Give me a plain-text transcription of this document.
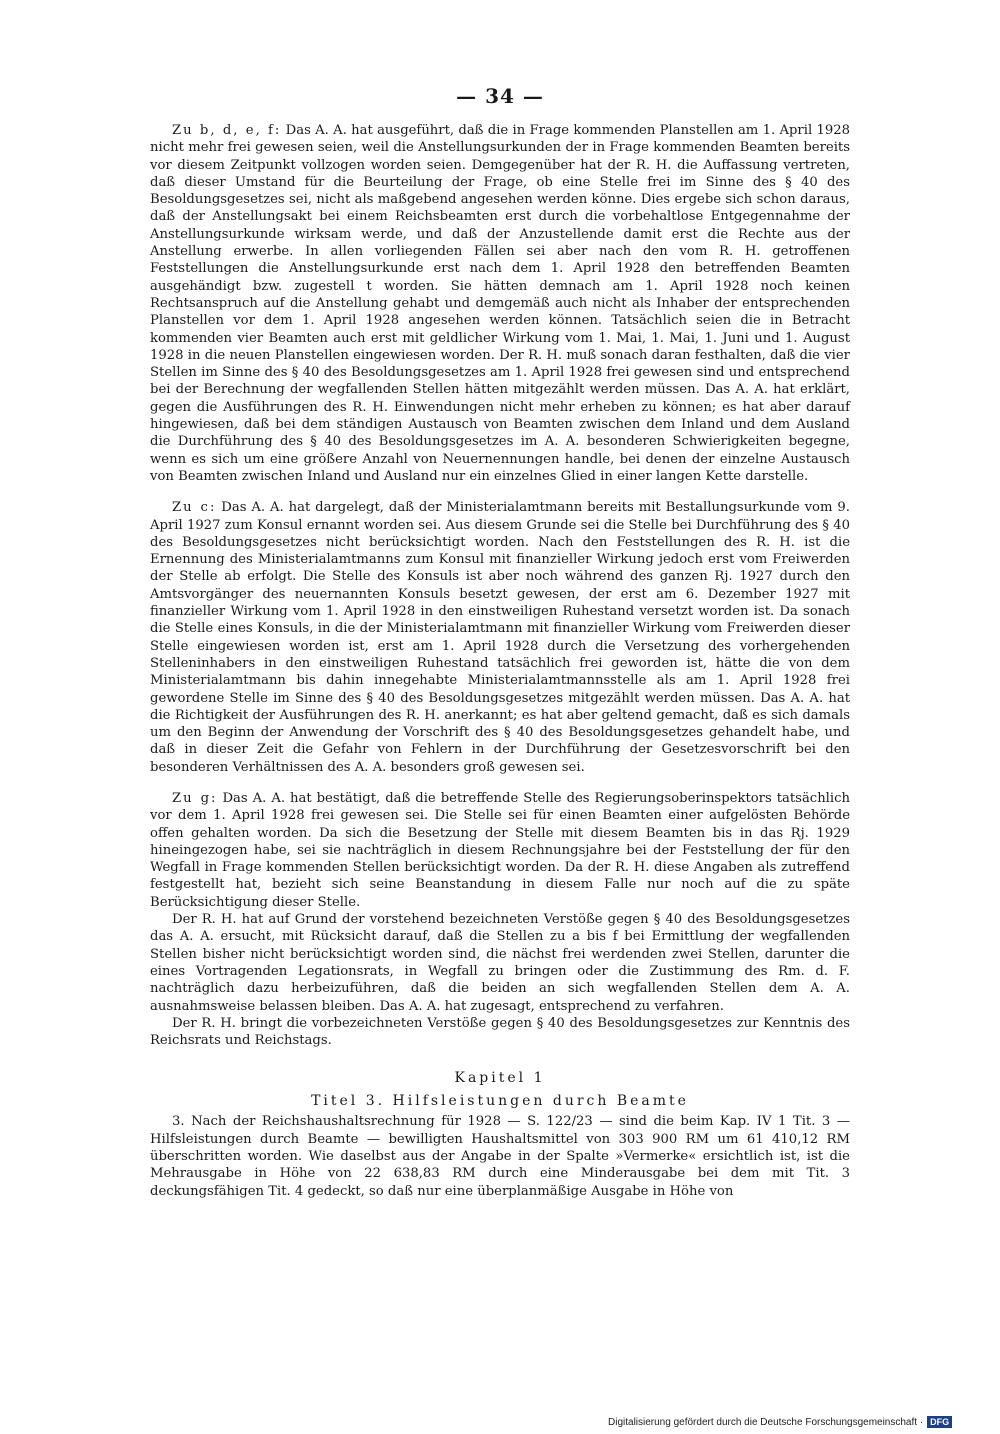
— 34 —

Zu b, d, e, f: Das A. A. hat ausgeführt, daß die in Frage kommenden Planstellen am 1. April 1928 nicht mehr frei gewesen seien, weil die Anstellungsurkunden der in Frage kommenden Beamten bereits vor diesem Zeitpunkt vollzogen worden seien. Demgegenüber hat der R. H. die Auffassung vertreten, daß dieser Umstand für die Beurteilung der Frage, ob eine Stelle frei im Sinne des § 40 des Besoldungsgesetzes sei, nicht als maßgebend angesehen werden könne. Dies ergebe sich schon daraus, daß der Anstellungsakt bei einem Reichsbeamten erst durch die vorbehaltlose Entgegennahme der Anstellungsurkunde wirksam werde, und daß der Anzustellende damit erst die Rechte aus der Anstellung erwerbe. In allen vorliegenden Fällen sei aber nach den vom R. H. getroffenen Feststellungen die Anstellungsurkunde erst nach dem 1. April 1928 den betreffenden Beamten ausgehändigt bzw. zugestell t worden. Sie hätten demnach am 1. April 1928 noch keinen Rechtsanspruch auf die Anstellung gehabt und demgemäß auch nicht als Inhaber der entsprechenden Planstellen vor dem 1. April 1928 angesehen werden können. Tatsächlich seien die in Betracht kommenden vier Beamten auch erst mit geldlicher Wirkung vom 1. Mai, 1. Mai, 1. Juni und 1. August 1928 in die neuen Planstellen eingewiesen worden. Der R. H. muß sonach daran festhalten, daß die vier Stellen im Sinne des § 40 des Besoldungsgesetzes am 1. April 1928 frei gewesen sind und entsprechend bei der Berechnung der wegfallenden Stellen hätten mitgezählt werden müssen. Das A. A. hat erklärt, gegen die Ausführungen des R. H. Einwendungen nicht mehr erheben zu können; es hat aber darauf hingewiesen, daß bei dem ständigen Austausch von Beamten zwischen dem Inland und dem Ausland die Durchführung des § 40 des Besoldungsgesetzes im A. A. besonderen Schwierigkeiten begegne, wenn es sich um eine größere Anzahl von Neuernennungen handle, bei denen der einzelne Austausch von Beamten zwischen Inland und Ausland nur ein einzelnes Glied in einer langen Kette darstelle.

Zu c: Das A. A. hat dargelegt, daß der Ministerialamtmann bereits mit Bestallungsurkunde vom 9. April 1927 zum Konsul ernannt worden sei. Aus diesem Grunde sei die Stelle bei Durchführung des § 40 des Besoldungsgesetzes nicht berücksichtigt worden. Nach den Feststellungen des R. H. ist die Ernennung des Ministerialamtmanns zum Konsul mit finanzieller Wirkung jedoch erst vom Freiwerden der Stelle ab erfolgt. Die Stelle des Konsuls ist aber noch während des ganzen Rj. 1927 durch den Amtsvorgänger des neuernannten Konsuls besetzt gewesen, der erst am 6. Dezember 1927 mit finanzieller Wirkung vom 1. April 1928 in den einstweiligen Ruhestand versetzt worden ist. Da sonach die Stelle eines Konsuls, in die der Ministerialamtmann mit finanzieller Wirkung vom Freiwerden dieser Stelle eingewiesen worden ist, erst am 1. April 1928 durch die Versetzung des vorhergehenden Stelleninhabers in den einstweiligen Ruhestand tatsächlich frei geworden ist, hätte die von dem Ministerialamtmann bis dahin innegehabte Ministerialamtmannsstelle als am 1. April 1928 frei gewordene Stelle im Sinne des § 40 des Besoldungsgesetzes mitgezählt werden müssen. Das A. A. hat die Richtigkeit der Ausführungen des R. H. anerkannt; es hat aber geltend gemacht, daß es sich damals um den Beginn der Anwendung der Vorschrift des § 40 des Besoldungsgesetzes gehandelt habe, und daß in dieser Zeit die Gefahr von Fehlern in der Durchführung der Gesetzesvorschrift bei den besonderen Verhältnissen des A. A. besonders groß gewesen sei.

Zu g: Das A. A. hat bestätigt, daß die betreffende Stelle des Regierungsoberinspektors tatsächlich vor dem 1. April 1928 frei gewesen sei. Die Stelle sei für einen Beamten einer aufgelösten Behörde offen gehalten worden. Da sich die Besetzung der Stelle mit diesem Beamten bis in das Rj. 1929 hineingezogen habe, sei sie nachträglich in diesem Rechnungsjahre bei der Feststellung der für den Wegfall in Frage kommenden Stellen berücksichtigt worden. Da der R. H. diese Angaben als zutreffend festgestellt hat, bezieht sich seine Beanstandung in diesem Falle nur noch auf die zu späte Berücksichtigung dieser Stelle.

Der R. H. hat auf Grund der vorstehend bezeichneten Verstöße gegen § 40 des Besoldungsgesetzes das A. A. ersucht, mit Rücksicht darauf, daß die Stellen zu a bis f bei Ermittlung der wegfallenden Stellen bisher nicht berücksichtigt worden sind, die nächst frei werdenden zwei Stellen, darunter die eines Vortragenden Legationsrats, in Wegfall zu bringen oder die Zustimmung des Rm. d. F. nachträglich dazu herbeizuführen, daß die beiden an sich wegfallenden Stellen dem A. A. ausnahmsweise belassen bleiben. Das A. A. hat zugesagt, entsprechend zu verfahren.

Der R. H. bringt die vorbezeichneten Verstöße gegen § 40 des Besoldungsgesetzes zur Kenntnis des Reichsrats und Reichstags.

Kapitel 1
Titel 3. Hilfsleistungen durch Beamte

3. Nach der Reichshaushaltsrechnung für 1928 — S. 122/23 — sind die beim Kap. IV 1 Tit. 3 — Hilfsleistungen durch Beamte — bewilligten Haushaltsmittel von 303 900 RM um 61 410,12 RM überschritten worden. Wie daselbst aus der Angabe in der Spalte »Vermerke« ersichtlich ist, ist die Mehrausgabe in Höhe von 22 638,83 RM durch eine Minderausgabe bei dem mit Tit. 3 deckungsfähigen Tit. 4 gedeckt, so daß nur eine überplanmäßige Ausgabe in Höhe von

Digitalisierung gefördert durch die Deutsche Forschungsgemeinschaft · DFG
